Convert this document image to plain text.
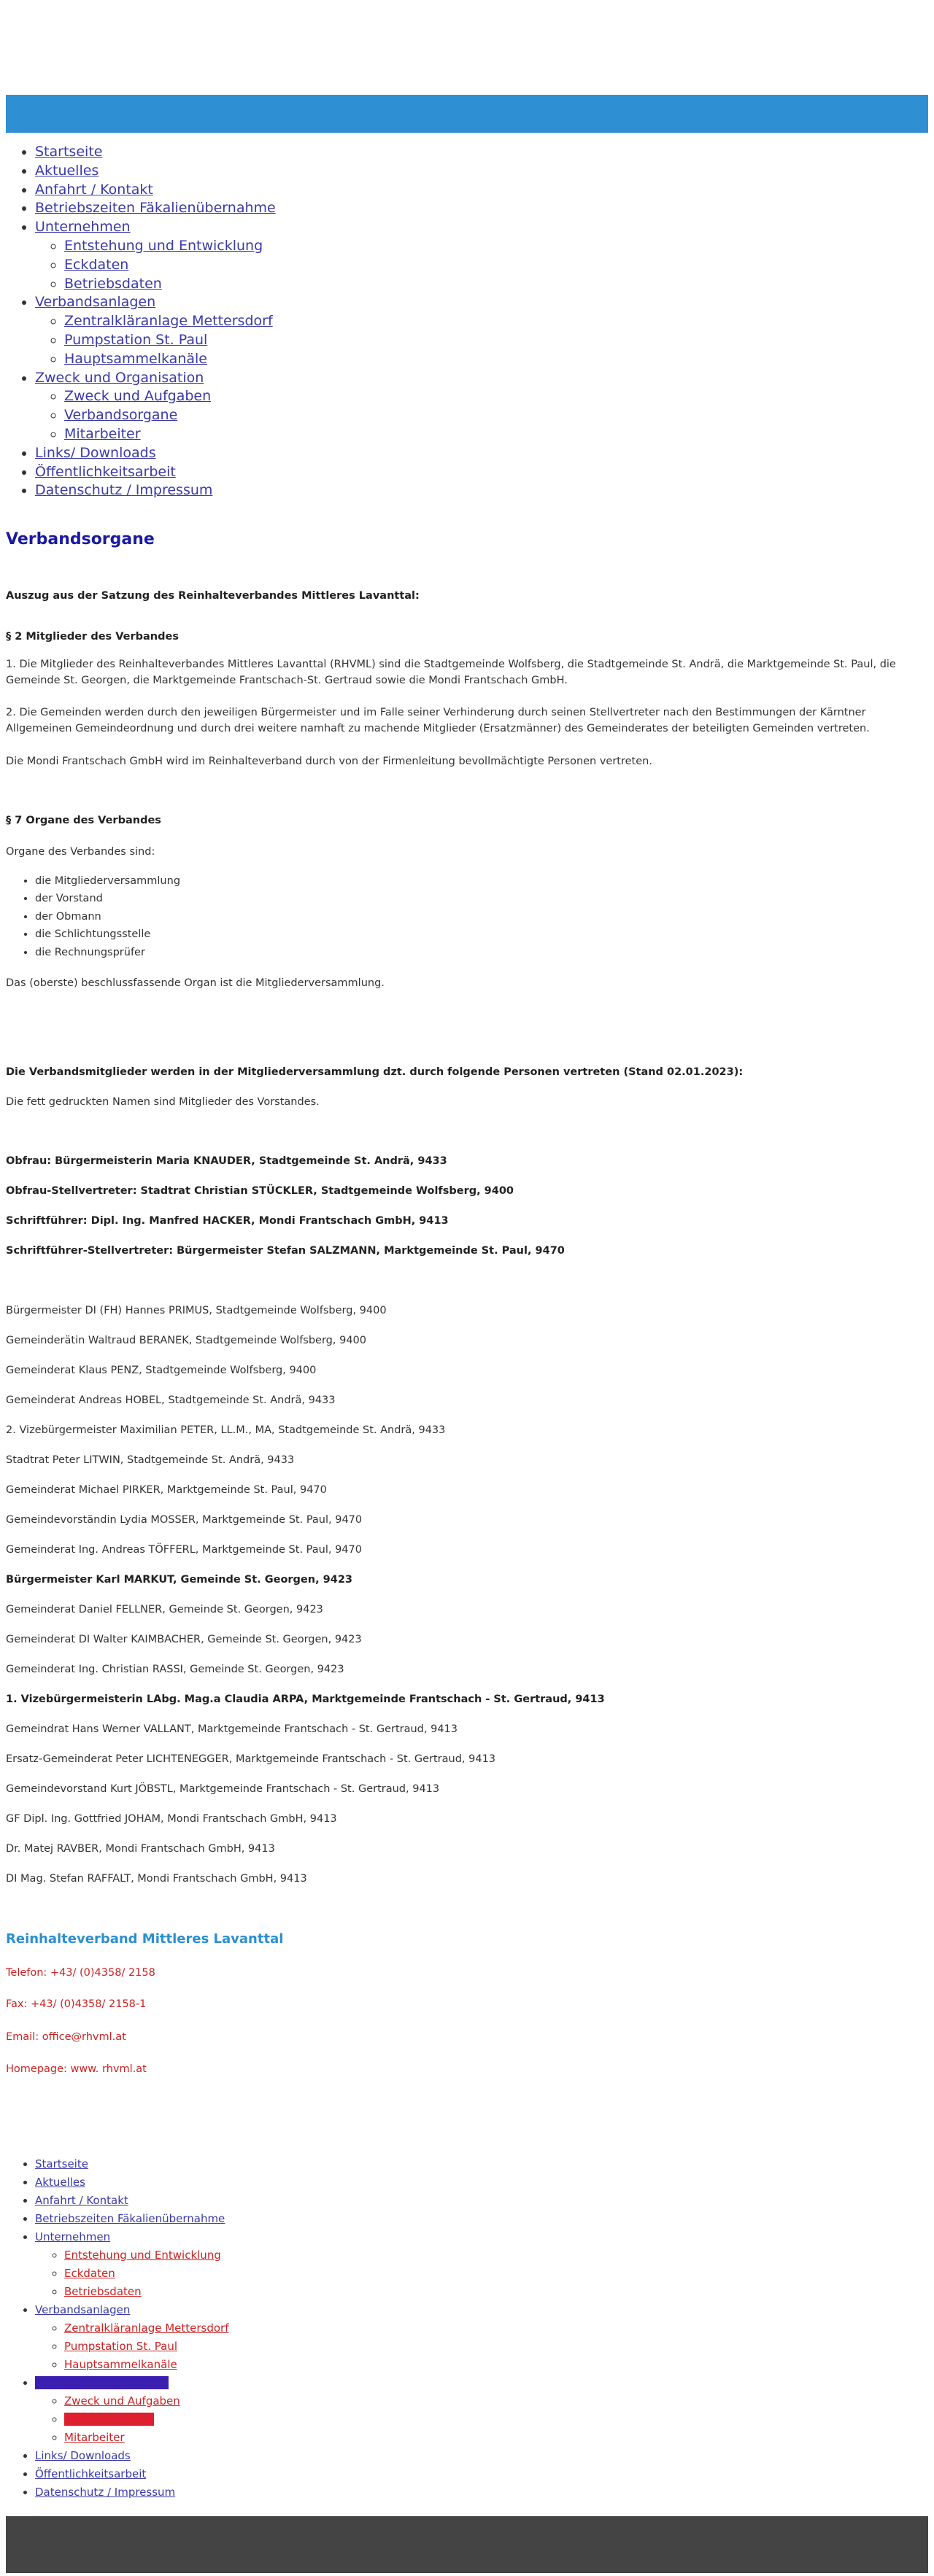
• Startseite
• Aktuelles
• Anfahrt / Kontakt
• Betriebszeiten Fäkalienübernahme
• Unternehmen
◦ Entstehung und Entwicklung
◦ Eckdaten
◦ Betriebsdaten
• Verbandsanlagen
◦ Zentralkläranlage Mettersdorf
◦ Pumpstation St. Paul
◦ Hauptsammelkanäle
• Zweck und Organisation
◦ Zweck und Aufgaben
◦ Verbandsorgane
◦ Mitarbeiter
• Links/ Downloads
• Öffentlichkeitsarbeit
• Datenschutz / Impressum
Verbandsorgane

Auszug aus der Satzung des Reinhalteverbandes Mittleres Lavanttal:

§ 2 Mitglieder des Verbandes

1. Die Mitglieder des Reinhalteverbandes Mittleres Lavanttal (RHVML) sind die Stadtgemeinde Wolfsberg, die Stadtgemeinde St. Andrä, die Marktgemeinde St. Paul, die Gemeinde St. Georgen, die Marktgemeinde Frantschach-St. Gertraud sowie die Mondi Frantschach GmbH.

2. Die Gemeinden werden durch den jeweiligen Bürgermeister und im Falle seiner Verhinderung durch seinen Stellvertreter nach den Bestimmungen der Kärntner Allgemeinen Gemeindeordnung und durch drei weitere namhaft zu machende Mitglieder (Ersatzmänner) des Gemeinderates der beteiligten Gemeinden vertreten.

Die Mondi Frantschach GmbH wird im Reinhalteverband durch von der Firmenleitung bevollmächtigte Personen vertreten.

§ 7 Organe des Verbandes

Organe des Verbandes sind:

• die Mitgliederversammlung
• der Vorstand
• der Obmann
• die Schlichtungsstelle
• die Rechnungsprüfer

Das (oberste) beschlussfassende Organ ist die Mitgliederversammlung.

Die Verbandsmitglieder werden in der Mitgliederversammlung dzt. durch folgende Personen vertreten (Stand 02.01.2023):

Die fett gedruckten Namen sind Mitglieder des Vorstandes.

Obfrau: Bürgermeisterin Maria KNAUDER, Stadtgemeinde St. Andrä, 9433

Obfrau-Stellvertreter: Stadtrat Christian STÜCKLER, Stadtgemeinde Wolfsberg, 9400

Schriftführer: Dipl. Ing. Manfred HACKER, Mondi Frantschach GmbH, 9413

Schriftführer-Stellvertreter: Bürgermeister Stefan SALZMANN, Marktgemeinde St. Paul, 9470

Bürgermeister DI (FH) Hannes PRIMUS, Stadtgemeinde Wolfsberg, 9400

Gemeinderätin Waltraud BERANEK, Stadtgemeinde Wolfsberg, 9400

Gemeinderat Klaus PENZ, Stadtgemeinde Wolfsberg, 9400

Gemeinderat Andreas HOBEL, Stadtgemeinde St. Andrä, 9433

2. Vizebürgermeister Maximilian PETER, LL.M., MA, Stadtgemeinde St. Andrä, 9433

Stadtrat Peter LITWIN, Stadtgemeinde St. Andrä, 9433

Gemeinderat Michael PIRKER, Marktgemeinde St. Paul, 9470

Gemeindevorständin Lydia MOSSER, Marktgemeinde St. Paul, 9470

Gemeinderat Ing. Andreas TÖFFERL, Marktgemeinde St. Paul, 9470

Bürgermeister Karl MARKUT, Gemeinde St. Georgen, 9423

Gemeinderat Daniel FELLNER, Gemeinde St. Georgen, 9423

Gemeinderat DI Walter KAIMBACHER, Gemeinde St. Georgen, 9423

Gemeinderat Ing. Christian RASSI, Gemeinde St. Georgen, 9423

1. Vizebürgermeisterin LAbg. Mag.a Claudia ARPA, Marktgemeinde Frantschach - St. Gertraud, 9413

Gemeindrat Hans Werner VALLANT, Marktgemeinde Frantschach - St. Gertraud, 9413

Ersatz-Gemeinderat Peter LICHTENEGGER, Marktgemeinde Frantschach - St. Gertraud, 9413

Gemeindevorstand Kurt JÖBSTL, Marktgemeinde Frantschach - St. Gertraud, 9413

GF Dipl. Ing. Gottfried JOHAM, Mondi Frantschach GmbH, 9413

Dr. Matej RAVBER, Mondi Frantschach GmbH, 9413

DI Mag. Stefan RAFFALT, Mondi Frantschach GmbH, 9413

Reinhalteverband Mittleres Lavanttal

Telefon: +43/ (0)4358/ 2158

Fax: +43/ (0)4358/ 2158-1

Email: office@rhvml.at

Homepage: www. rhvml.at

• Startseite
• Aktuelles
• Anfahrt / Kontakt
• Betriebszeiten Fäkalienübernahme
• Unternehmen
◦ Entstehung und Entwicklung
◦ Eckdaten
◦ Betriebsdaten
• Verbandsanlagen
◦ Zentralkläranlage Mettersdorf
◦ Pumpstation St. Paul
◦ Hauptsammelkanäle
• Zweck und Organisation
◦ Zweck und Aufgaben
◦ Verbandsorgane
◦ Mitarbeiter
• Links/ Downloads
• Öffentlichkeitsarbeit
• Datenschutz / Impressum
